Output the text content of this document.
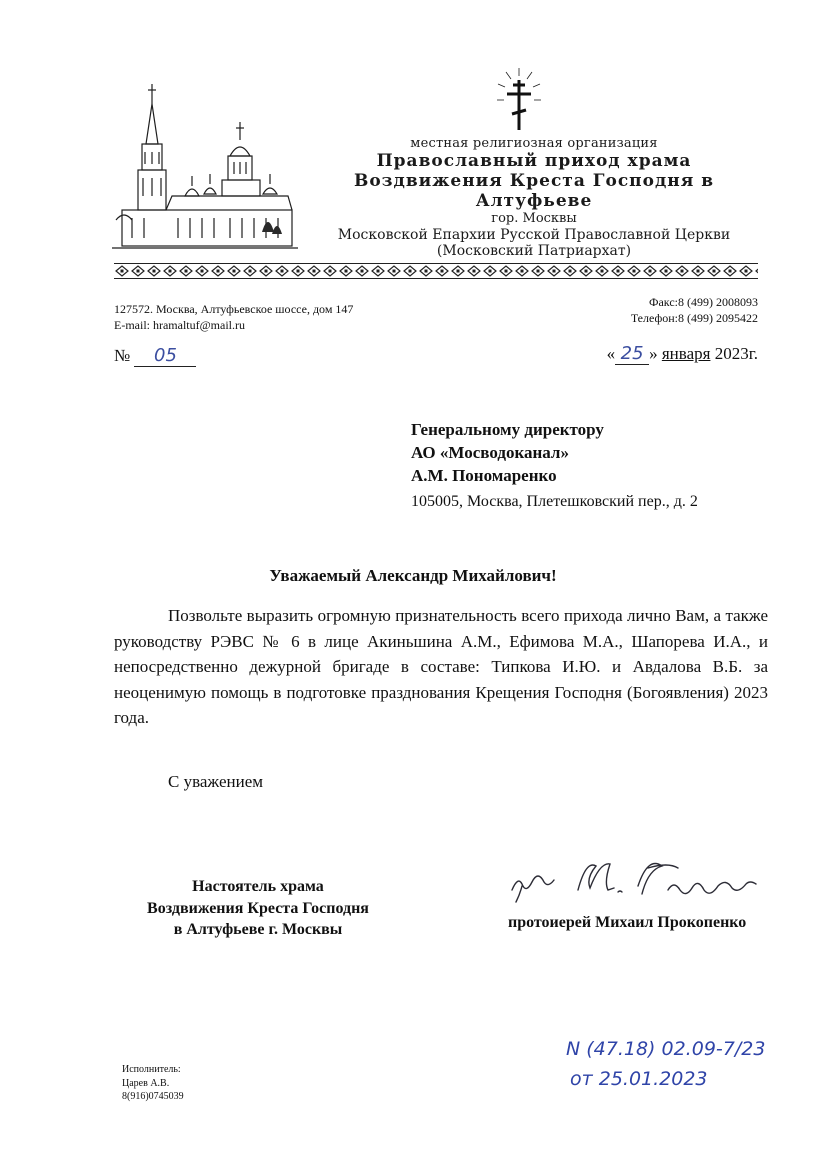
местная религиозная организация
Православный приход храма
Воздвижения Креста Господня в Алтуфьеве
гор. Москвы
Московской Епархии Русской Православной Церкви
(Московский Патриархат)
127572. Москва, Алтуфьевское шоссе, дом 147
E-mail: hramaltuf@mail.ru
Факс:8 (499) 2008093
Телефон:8 (499) 2095422
№ 05	« 25 » января 2023г.
Генеральному директору
АО «Мосводоканал»
А.М. Пономаренко
105005, Москва, Плетешковский пер., д. 2
Уважаемый Александр Михайлович!
Позвольте выразить огромную признательность всего прихода лично Вам, а также руководству РЭВС № 6 в лице Акиньшина А.М., Ефимова М.А., Шапорева И.А., и непосредственно дежурной бригаде в составе: Типкова И.Ю. и Авдалова В.Б. за неоценимую помощь в подготовке празднования Крещения Господня (Богоявления) 2023 года.
С уважением
Настоятель храма
Воздвижения Креста Господня
в Алтуфьеве г. Москвы	протоиерей Михаил Прокопенко
Исполнитель:
Царев А.В.
8(916)0745039
N (47.18) 02.09-7/23
от 25.01.2023
